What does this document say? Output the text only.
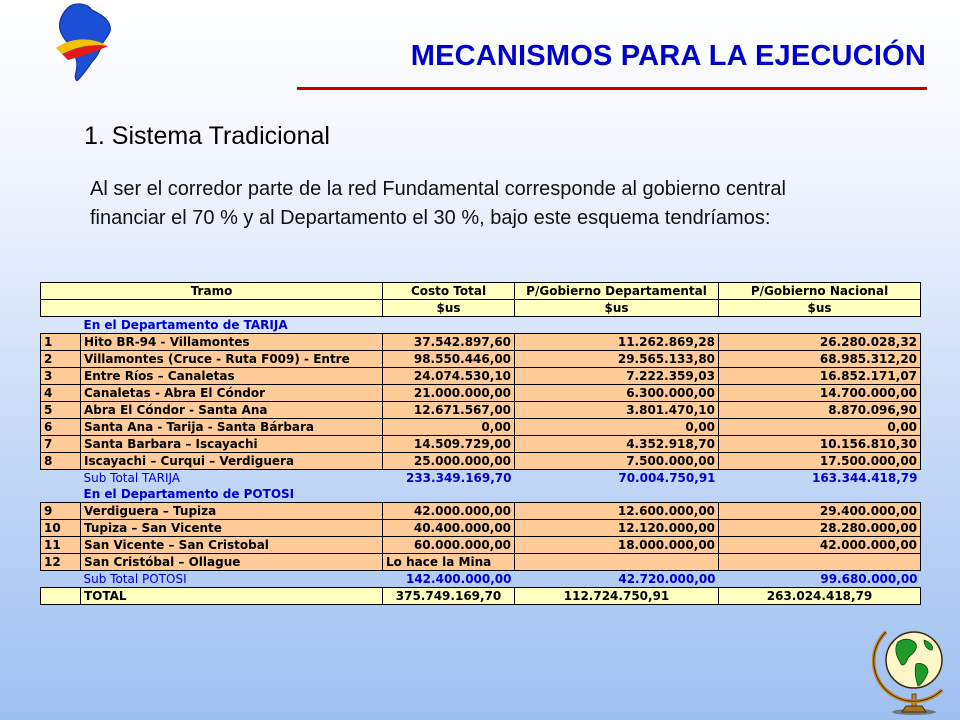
MECANISMOS PARA LA EJECUCIÓN
1. Sistema Tradicional
Al ser el corredor parte de la red Fundamental corresponde al gobierno central financiar el 70 % y al Departamento el 30 %, bajo este esquema tendríamos:
Tramo		Costo Total	P/Gobierno Departamental	P/Gobierno Nacional
		$us	$us	$us
	En el Departamento de TARIJA			
1	Hito BR-94 - Villamontes	37.542.897,60	11.262.869,28	26.280.028,32
2	Villamontes (Cruce - Ruta F009) - Entre	98.550.446,00	29.565.133,80	68.985.312,20
3	Entre Ríos – Canaletas	24.074.530,10	7.222.359,03	16.852.171,07
4	Canaletas - Abra El Cóndor	21.000.000,00	6.300.000,00	14.700.000,00
5	Abra El Cóndor - Santa Ana	12.671.567,00	3.801.470,10	8.870.096,90
6	Santa Ana - Tarija - Santa Bárbara	0,00	0,00	0,00
7	Santa Barbara – Iscayachi	14.509.729,00	4.352.918,70	10.156.810,30
8	Iscayachi – Curqui – Verdiguera	25.000.000,00	7.500.000,00	17.500.000,00
	Sub Total TARIJA	233.349.169,70	70.004.750,91	163.344.418,79
	En el Departamento de POTOSI			
9	Verdiguera – Tupiza	42.000.000,00	12.600.000,00	29.400.000,00
10	Tupiza – San Vicente	40.400.000,00	12.120.000,00	28.280.000,00
11	San Vicente – San Cristobal	60.000.000,00	18.000.000,00	42.000.000,00
12	San Cristóbal – Ollague	Lo hace la Mina		
	Sub Total POTOSI	142.400.000,00	42.720.000,00	99.680.000,00
	TOTAL	375.749.169,70	112.724.750,91	263.024.418,79
